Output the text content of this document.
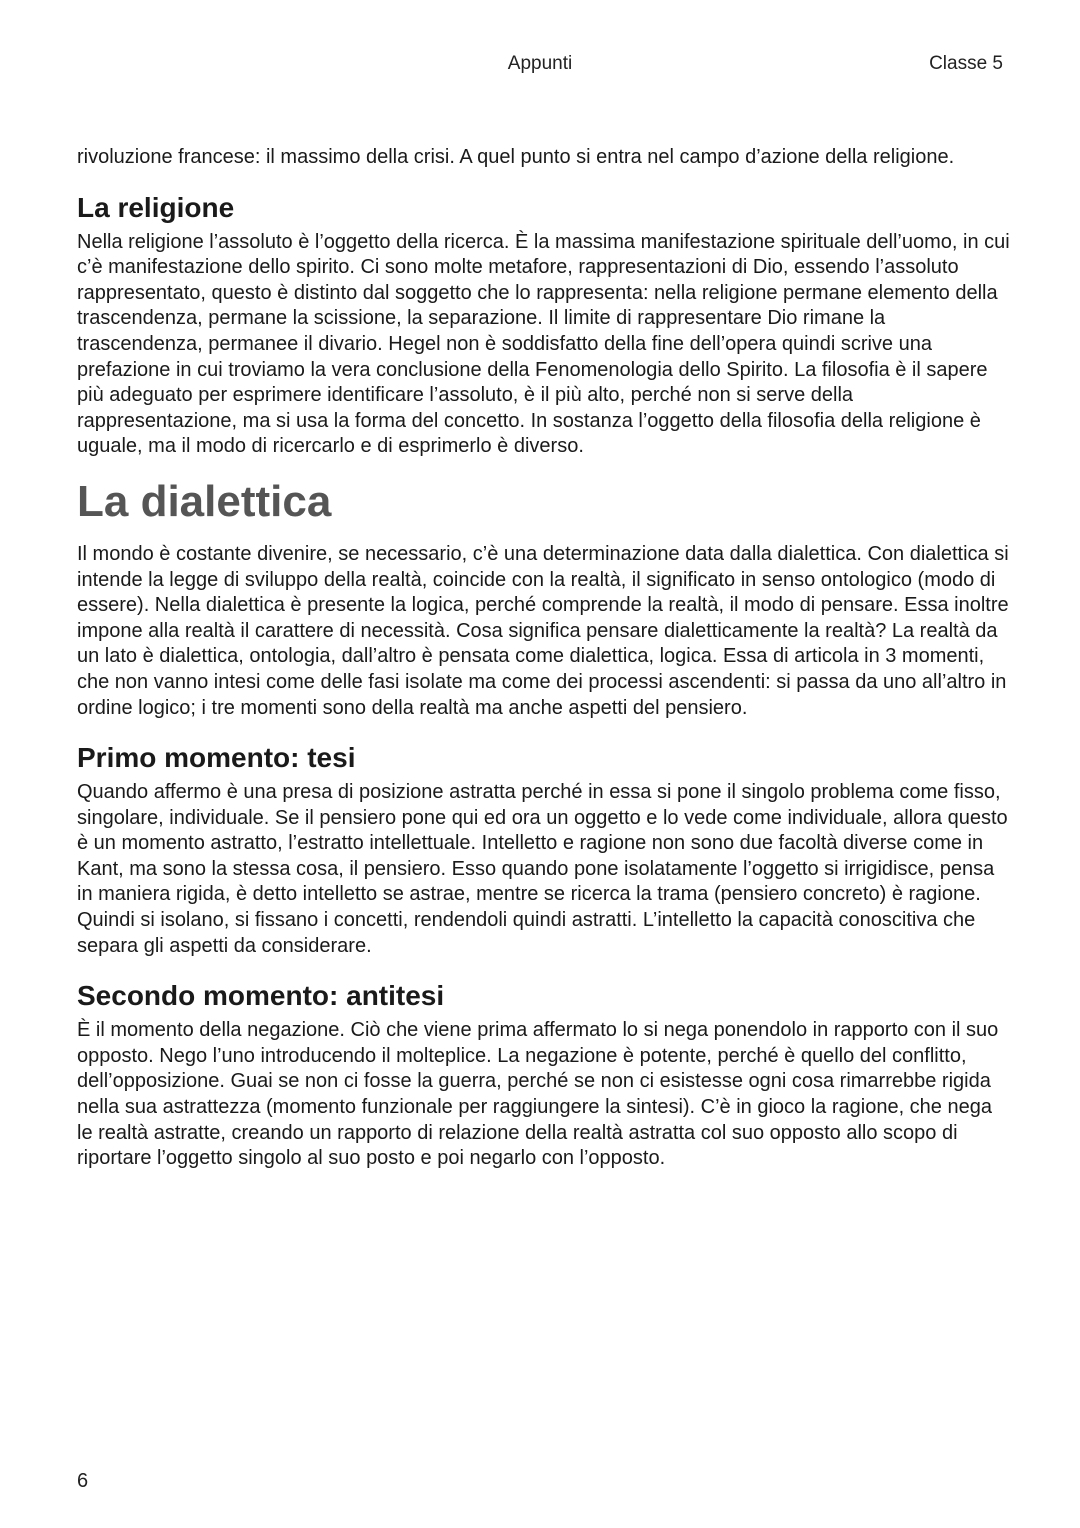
Appunti	Classe 5

rivoluzione francese: il massimo della crisi. A quel punto si entra nel campo d’azione della religione.

La religione

Nella religione l’assoluto è l’oggetto della ricerca. È la massima manifestazione spirituale dell’uomo, in cui c’è manifestazione dello spirito. Ci sono molte metafore, rappresentazioni di Dio, essendo l’assoluto rappresentato, questo è distinto dal soggetto che lo rappresenta: nella religione permane elemento della trascendenza, permane la scissione, la separazione. Il limite di rappresentare Dio rimane la trascendenza, permanee il divario. Hegel non è soddisfatto della fine dell’opera quindi scrive una prefazione in cui troviamo la vera conclusione della Fenomenologia dello Spirito. La filosofia è il sapere più adeguato per esprimere identificare l’assoluto, è il più alto, perché non si serve della rappresentazione, ma si usa la forma del concetto. In sostanza l’oggetto della filosofia della religione è uguale, ma il modo di ricercarlo e di esprimerlo è diverso.

La dialettica

Il mondo è costante divenire, se necessario, c’è una determinazione data dalla dialettica. Con dialettica si intende la legge di sviluppo della realtà, coincide con la realtà, il significato in senso ontologico (modo di essere). Nella dialettica è presente la logica, perché comprende la realtà, il modo di pensare. Essa inoltre impone alla realtà il carattere di necessità. Cosa significa pensare dialetticamente la realtà? La realtà da un lato è dialettica, ontologia, dall’altro è pensata come dialettica, logica. Essa di articola in 3 momenti, che non vanno intesi come delle fasi isolate ma come dei processi ascendenti: si passa da uno all’altro in ordine logico; i tre momenti sono della realtà ma anche aspetti del pensiero.

Primo momento: tesi

Quando affermo è una presa di posizione astratta perché in essa si pone il singolo problema come fisso, singolare, individuale. Se il pensiero pone qui ed ora un oggetto e lo vede come individuale, allora questo è un momento astratto, l’estratto intellettuale. Intelletto e ragione non sono due facoltà diverse come in Kant, ma sono la stessa cosa, il pensiero. Esso quando pone isolatamente l’oggetto si irrigidisce, pensa in maniera rigida, è detto intelletto se astrae, mentre se ricerca la trama (pensiero concreto) è ragione. Quindi si isolano, si fissano i concetti, rendendoli quindi astratti. L’intelletto la capacità conoscitiva che separa gli aspetti da considerare.

Secondo momento: antitesi

È il momento della negazione. Ciò che viene prima affermato lo si nega ponendolo in rapporto con il suo opposto. Nego l’uno introducendo il molteplice. La negazione è potente, perché è quello del conflitto, dell’opposizione. Guai se non ci fosse la guerra, perché se non ci esistesse ogni cosa rimarrebbe rigida nella sua astrattezza (momento funzionale per raggiungere la sintesi). C’è in gioco la ragione, che nega le realtà astratte, creando un rapporto di relazione della realtà astratta col suo opposto allo scopo di riportare l’oggetto singolo al suo posto e poi negarlo con l’opposto.

6
